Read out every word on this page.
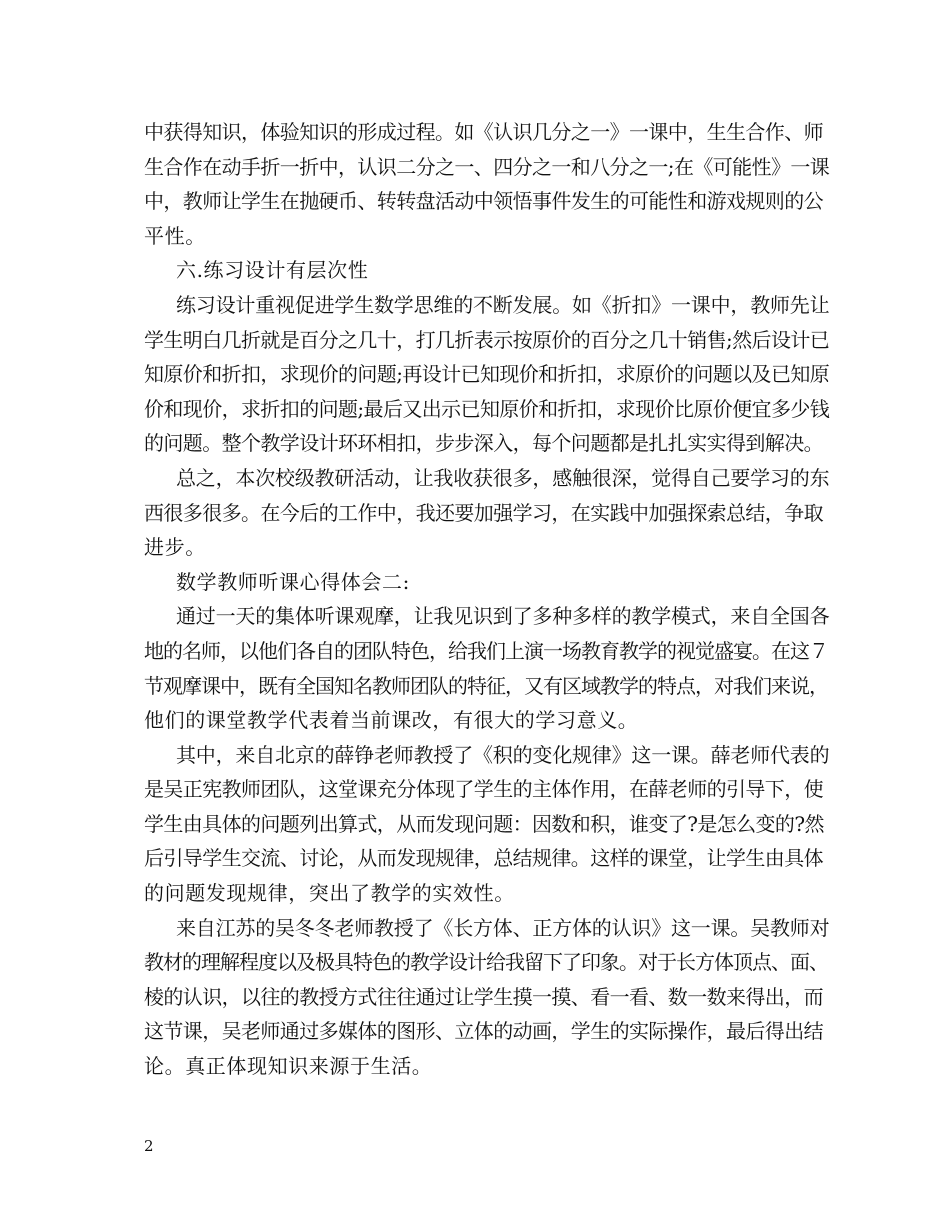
中获得知识，体验知识的形成过程。如《认识几分之一》一课中，生生合作、师
生合作在动手折一折中，认识二分之一、四分之一和八分之一;在《可能性》一课
中，教师让学生在抛硬币、转转盘活动中领悟事件发生的可能性和游戏规则的公
平性。
六.练习设计有层次性
练习设计重视促进学生数学思维的不断发展。如《折扣》一课中，教师先让
学生明白几折就是百分之几十，打几折表示按原价的百分之几十销售;然后设计已
知原价和折扣，求现价的问题;再设计已知现价和折扣，求原价的问题以及已知原
价和现价，求折扣的问题;最后又出示已知原价和折扣，求现价比原价便宜多少钱
的问题。整个教学设计环环相扣，步步深入，每个问题都是扎扎实实得到解决。
总之，本次校级教研活动，让我收获很多，感触很深，觉得自己要学习的东
西很多很多。在今后的工作中，我还要加强学习，在实践中加强探索总结，争取
进步。
数学教师听课心得体会二:
通过一天的集体听课观摩，让我见识到了多种多样的教学模式，来自全国各
地的名师，以他们各自的团队特色，给我们上演一场教育教学的视觉盛宴。在这７
节观摩课中，既有全国知名教师团队的特征，又有区域教学的特点，对我们来说，
他们的课堂教学代表着当前课改，有很大的学习意义。
其中，来自北京的薛铮老师教授了《积的变化规律》这一课。薛老师代表的
是吴正宪教师团队，这堂课充分体现了学生的主体作用，在薛老师的引导下，使
学生由具体的问题列出算式，从而发现问题：因数和积，谁变了?是怎么变的?然
后引导学生交流、讨论，从而发现规律，总结规律。这样的课堂，让学生由具体
的问题发现规律，突出了教学的实效性。
来自江苏的吴冬冬老师教授了《长方体、正方体的认识》这一课。吴教师对
教材的理解程度以及极具特色的教学设计给我留下了印象。对于长方体顶点、面、
棱的认识，以往的教授方式往往通过让学生摸一摸、看一看、数一数来得出，而
这节课，吴老师通过多媒体的图形、立体的动画，学生的实际操作，最后得出结
论。真正体现知识来源于生活。
2
